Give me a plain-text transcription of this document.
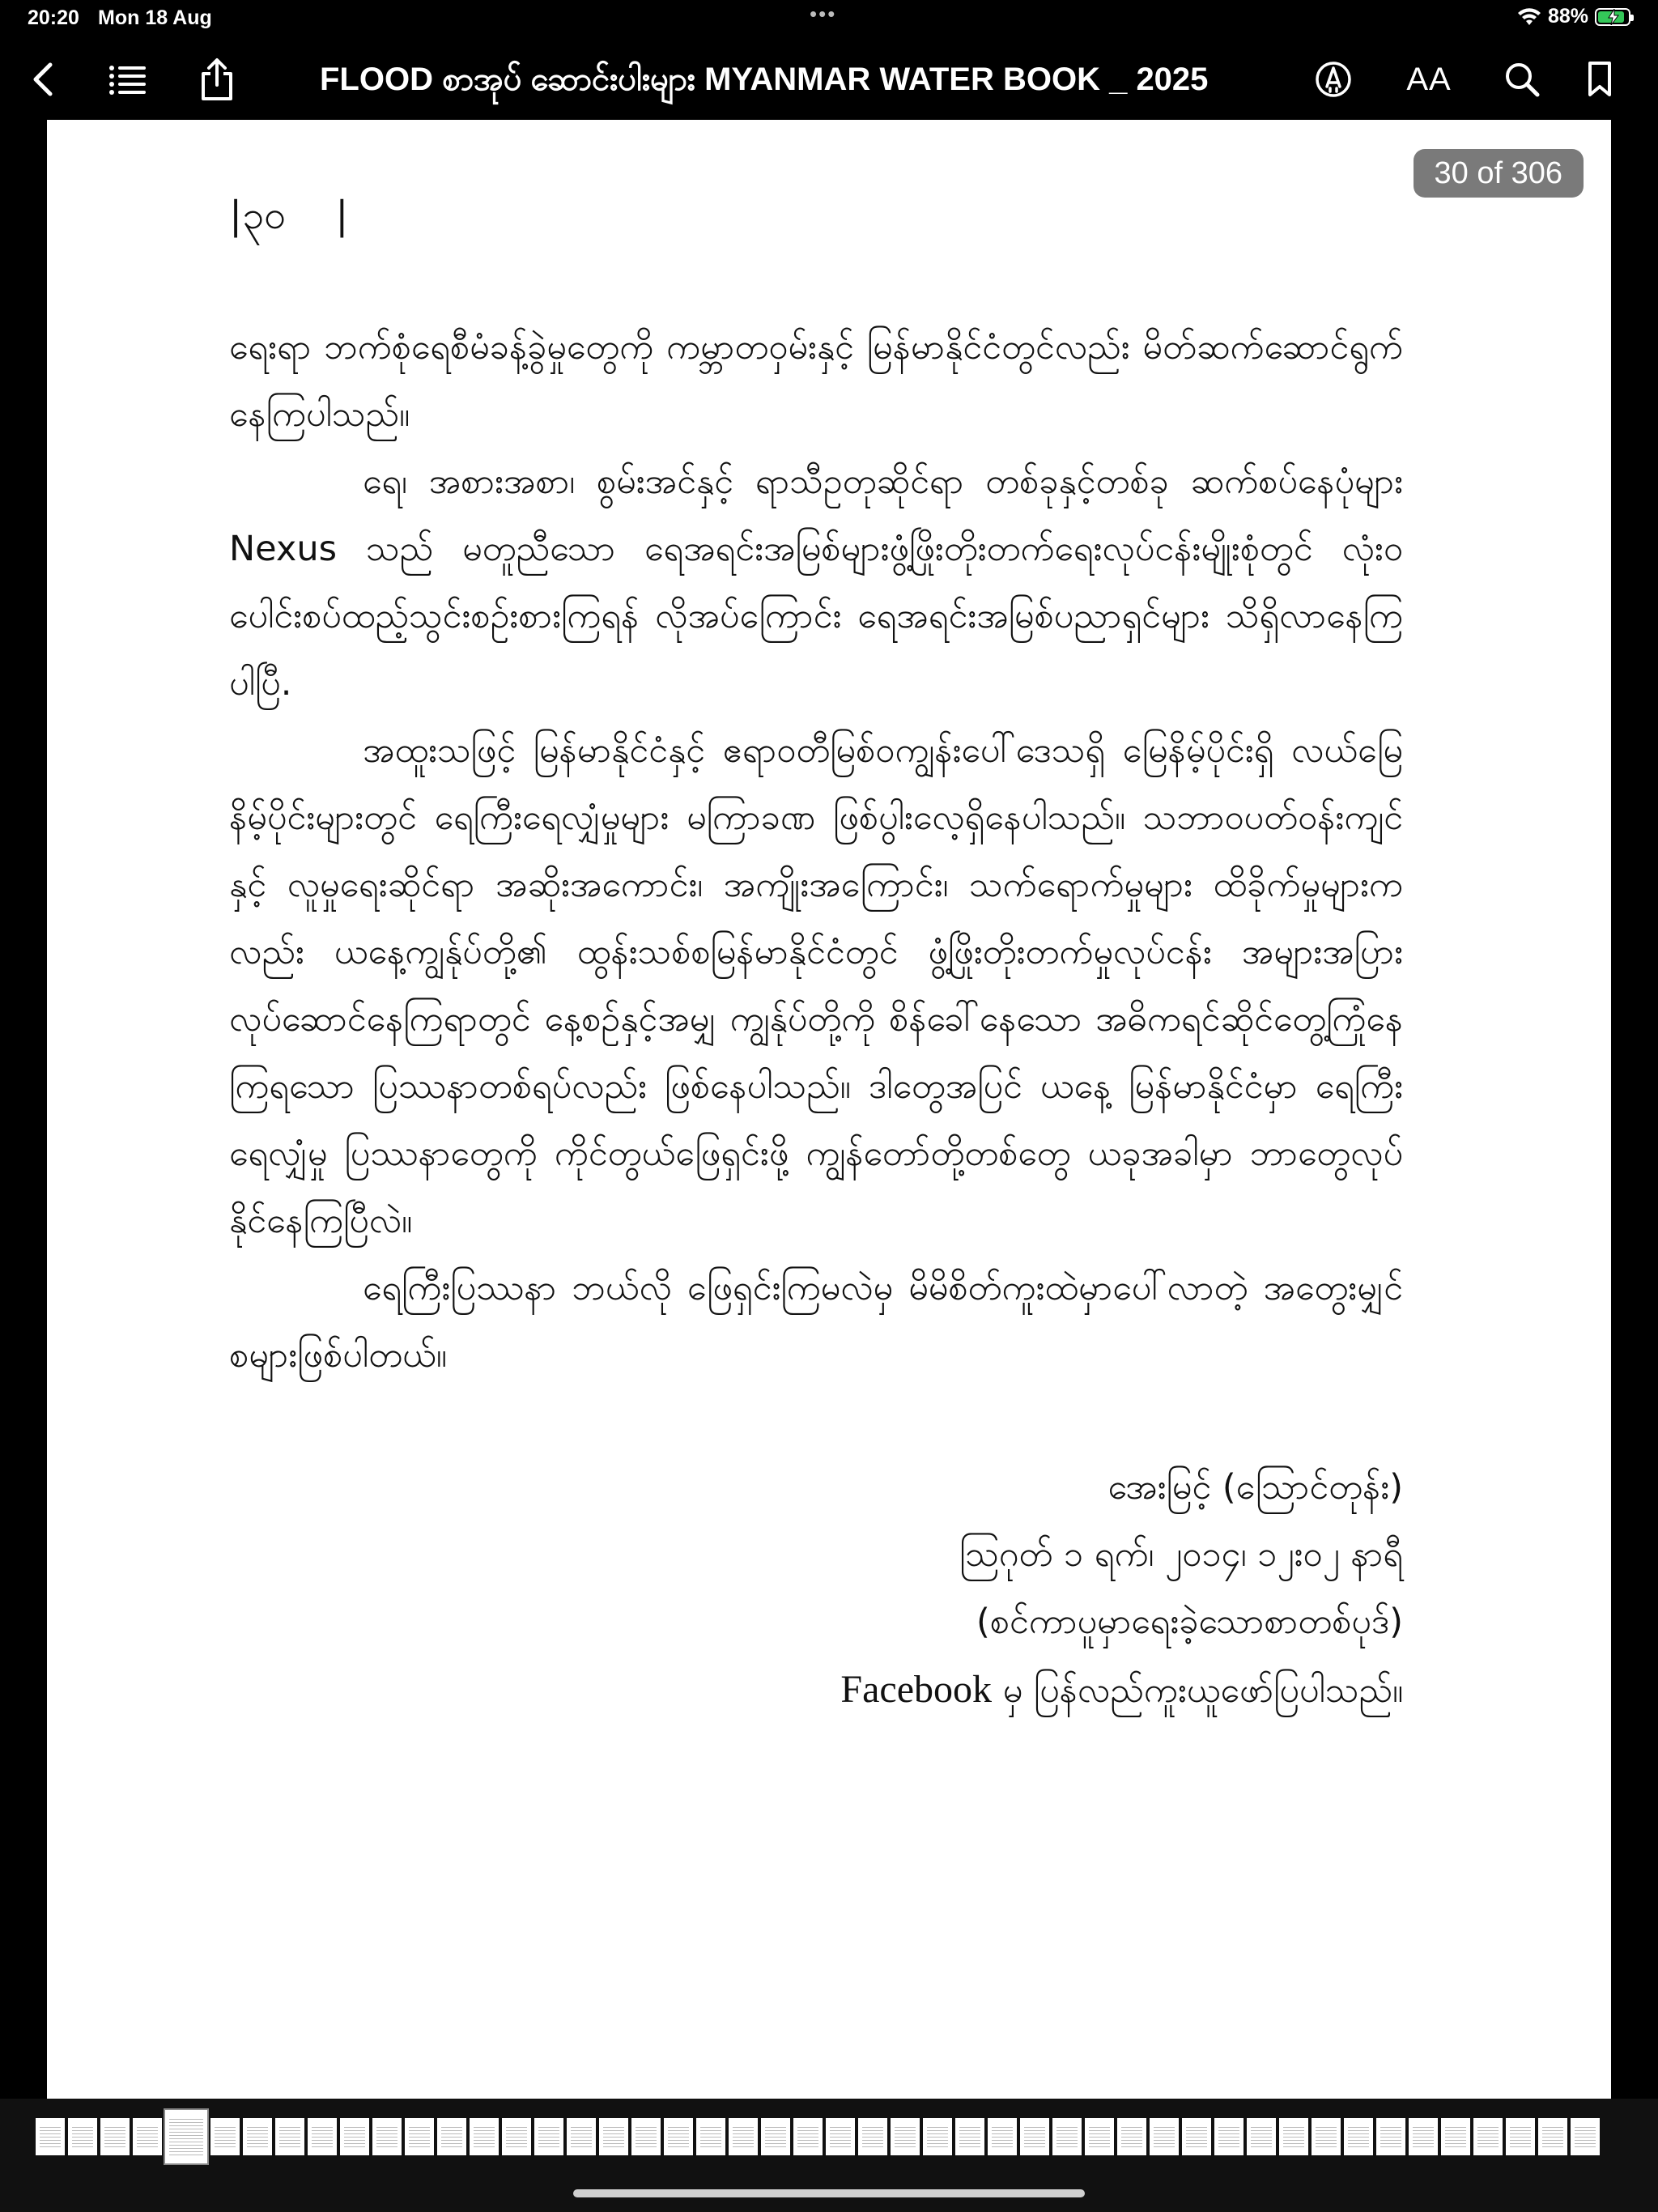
20:20 Mon 18 Aug	•••	88%
FLOOD စာအုပ် ဆောင်းပါးများ MYANMAR WATER BOOK _ 2025	AA
30 of 306
|၃၀    |

ရေးရာ ဘက်စုံရေစီမံခန့်ခွဲမှုတွေကို ကမ္ဘာတဝှမ်းနှင့် မြန်မာနိုင်ငံတွင်လည်း မိတ်ဆက်ဆောင်ရွက်နေကြပါသည်။

ရေ၊ အစားအစာ၊ စွမ်းအင်နှင့် ရာသီဥတုဆိုင်ရာ တစ်ခုနှင့်တစ်ခု ဆက်စပ်နေပုံများ Nexus သည် မတူညီသော ရေအရင်းအမြစ်များဖွံ့ဖြိုးတိုးတက်ရေးလုပ်ငန်းမျိုးစုံတွင် လုံးဝပေါင်းစပ်ထည့်သွင်းစဉ်းစားကြရန် လိုအပ်ကြောင်း ရေအရင်းအမြစ်ပညာရှင်များ သိရှိလာနေကြပါပြီ.

အထူးသဖြင့် မြန်မာနိုင်ငံနှင့် ဧရာဝတီမြစ်ဝကျွန်းပေါ်ဒေသရှိ မြေနိမ့်ပိုင်းရှိ လယ်မြေနိမ့်ပိုင်းများတွင် ရေကြီးရေလျှံမှုများ မကြာခဏ ဖြစ်ပွါးလေ့ရှိနေပါသည်။ သဘာဝပတ်ဝန်းကျင်နှင့် လူမှုရေးဆိုင်ရာ အဆိုးအကောင်း၊ အကျိုးအကြောင်း၊ သက်ရောက်မှုများ ထိခိုက်မှုများကလည်း ယနေ့ကျွန်ုပ်တို့၏ ထွန်းသစ်စမြန်မာနိုင်ငံတွင် ဖွံ့ဖြိုးတိုးတက်မှုလုပ်ငန်း အများအပြားလုပ်ဆောင်နေကြရာတွင် နေ့စဉ်နှင့်အမျှ ကျွန်ုပ်တို့ကို စိန်ခေါ်နေသော အဓိကရင်ဆိုင်တွေ့ကြုံနေကြရသော ပြဿနာတစ်ရပ်လည်း ဖြစ်နေပါသည်။ ဒါတွေအပြင် ယနေ့ မြန်မာနိုင်ငံမှာ ရေကြီးရေလျှံမှု ပြဿနာတွေကို ကိုင်တွယ်ဖြေရှင်းဖို့ ကျွန်တော်တို့တစ်တွေ ယခုအခါမှာ ဘာတွေလုပ်နိုင်နေကြပြီလဲ။

ရေကြီးပြဿနာ ဘယ်လို ဖြေရှင်းကြမလဲမှ မိမိစိတ်ကူးထဲမှာပေါ်လာတဲ့ အတွေးမျှင်စများဖြစ်ပါတယ်။

အေးမြင့် (သြောင်တုန်း)
ဩဂုတ် ၁ ရက်၊ ၂၀၁၄၊ ၁၂း၀၂ နာရီ
(စင်ကာပူမှာရေးခဲ့သောစာတစ်ပုဒ်)
Facebook မှ ပြန်လည်ကူးယူဖော်ပြပါသည်။
